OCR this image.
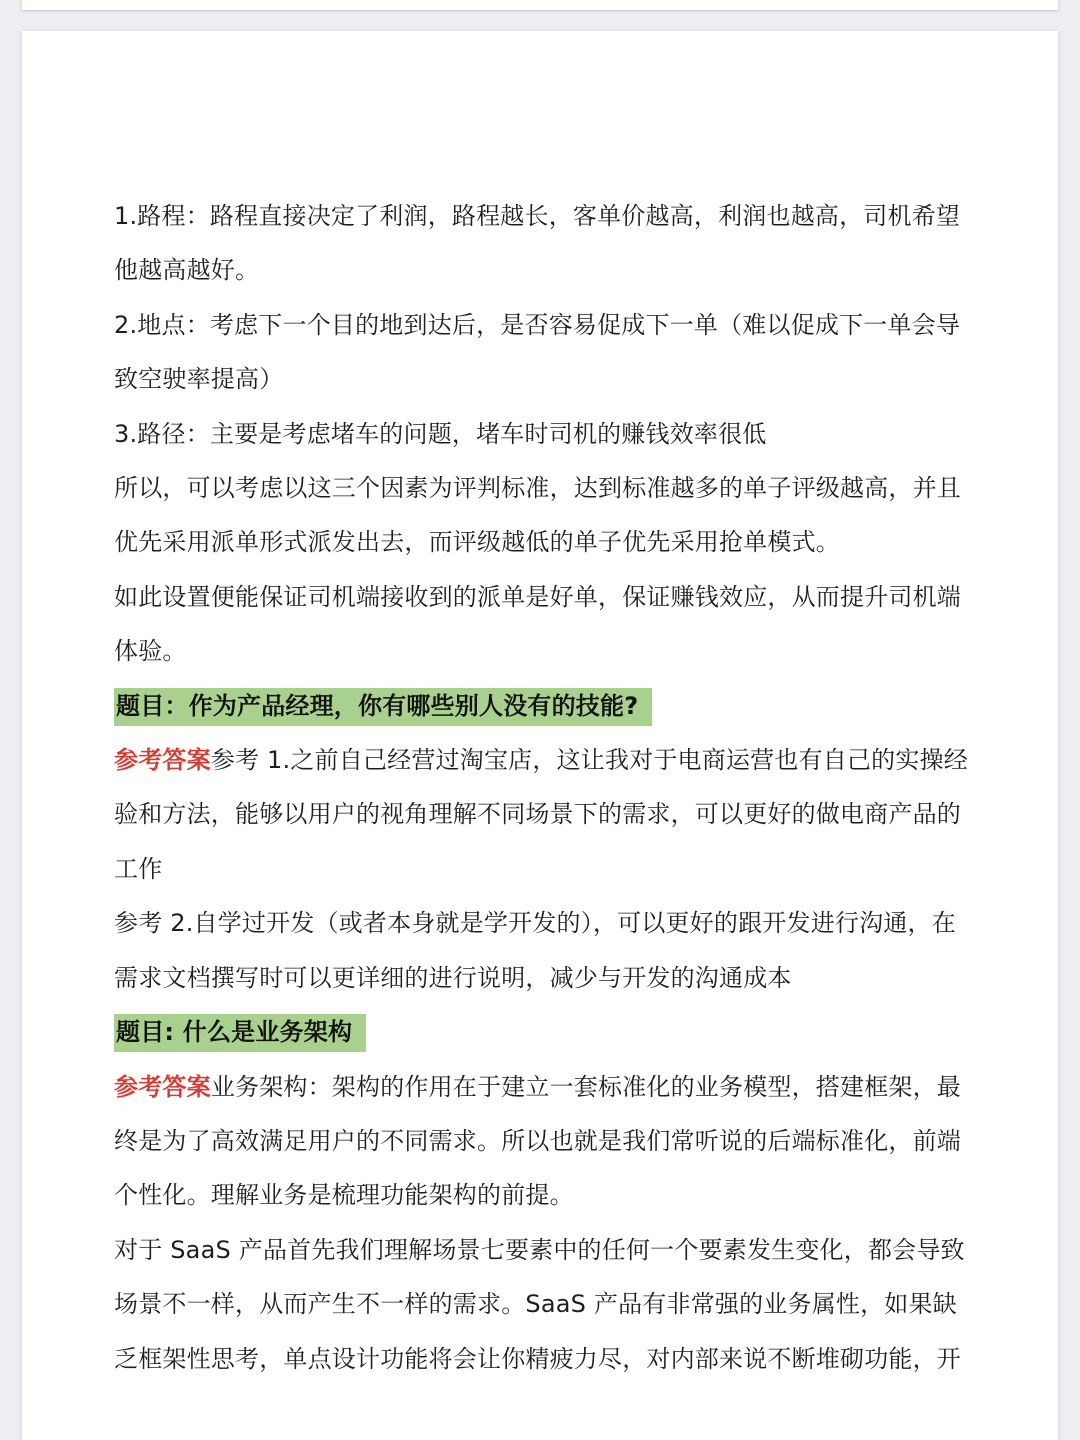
1.路程：路程直接决定了利润，路程越长，客单价越高，利润也越高，司机希望他越高越好。

2.地点：考虑下一个目的地到达后，是否容易促成下一单（难以促成下一单会导致空驶率提高）

3.路径：主要是考虑堵车的问题，堵车时司机的赚钱效率很低

所以，可以考虑以这三个因素为评判标准，达到标准越多的单子评级越高，并且优先采用派单形式派发出去，而评级越低的单子优先采用抢单模式。

如此设置便能保证司机端接收到的派单是好单，保证赚钱效应，从而提升司机端体验。

题目：作为产品经理，你有哪些别人没有的技能?

参考答案参考 1.之前自己经营过淘宝店，这让我对于电商运营也有自己的实操经验和方法，能够以用户的视角理解不同场景下的需求，可以更好的做电商产品的工作

参考 2.自学过开发（或者本身就是学开发的），可以更好的跟开发进行沟通，在需求文档撰写时可以更详细的进行说明，减少与开发的沟通成本

题目: 什么是业务架构

参考答案业务架构：架构的作用在于建立一套标准化的业务模型，搭建框架，最终是为了高效满足用户的不同需求。所以也就是我们常听说的后端标准化，前端个性化。理解业务是梳理功能架构的前提。

对于 SaaS 产品首先我们理解场景七要素中的任何一个要素发生变化，都会导致场景不一样，从而产生不一样的需求。SaaS 产品有非常强的业务属性，如果缺乏框架性思考，单点设计功能将会让你精疲力尽，对内部来说不断堆砌功能，开
